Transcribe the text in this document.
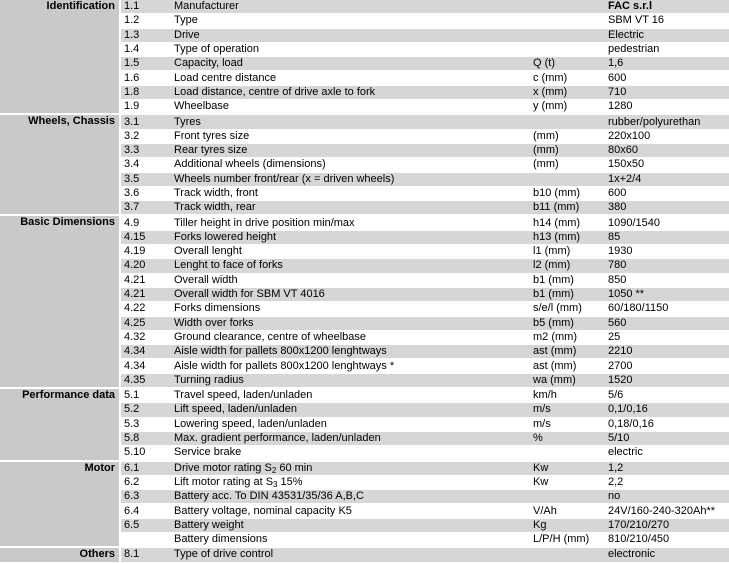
Identification	1.1	Manufacturer		FAC s.r.l
	1.2	Type		SBM VT 16
	1.3	Drive		Electric
	1.4	Type of operation		pedestrian
	1.5	Capacity, load	Q (t)	1,6
	1.6	Load centre distance	c (mm)	600
	1.8	Load distance, centre of drive axle to fork	x (mm)	710
	1.9	Wheelbase	y (mm)	1280
Wheels, Chassis	3.1	Tyres		rubber/polyurethan
	3.2	Front tyres size	(mm)	220x100
	3.3	Rear tyres size	(mm)	80x60
	3.4	Additional wheels (dimensions)	(mm)	150x50
	3.5	Wheels number front/rear (x = driven wheels)		1x+2/4
	3.6	Track width, front	b10 (mm)	600
	3.7	Track width, rear	b11 (mm)	380
Basic Dimensions	4.9	Tiller height in drive position min/max	h14 (mm)	1090/1540
	4.15	Forks lowered height	h13 (mm)	85
	4.19	Overall lenght	l1 (mm)	1930
	4.20	Lenght to face of forks	l2 (mm)	780
	4.21	Overall width	b1 (mm)	850
	4.21	Overall width for SBM VT 4016	b1 (mm)	1050 **
	4.22	Forks dimensions	s/e/l (mm)	60/180/1150
	4.25	Width over forks	b5 (mm)	560
	4.32	Ground clearance, centre of wheelbase	m2 (mm)	25
	4.34	Aisle width for pallets 800x1200 lenghtways	ast (mm)	2210
	4.34	Aisle width for pallets 800x1200 lenghtways *	ast (mm)	2700
	4.35	Turning radius	wa (mm)	1520
Performance data	5.1	Travel speed, laden/unladen	km/h	5/6
	5.2	Lift speed, laden/unladen	m/s	0,1/0,16
	5.3	Lowering speed, laden/unladen	m/s	0,18/0,16
	5.8	Max. gradient performance, laden/unladen	%	5/10
	5.10	Service brake		electric
Motor	6.1	Drive motor rating $S_2$ 60 min	Kw	1,2
	6.2	Lift motor rating at $S_3$ 15%	Kw	2,2
	6.3	Battery acc. To DIN 43531/35/36 A,B,C		no
	6.4	Battery voltage, nominal capacity K5	V/Ah	24V/160-240-320Ah**
	6.5	Battery weight	Kg	170/210/270
		Battery dimensions	L/P/H (mm)	810/210/450
Others	8.1	Type of drive control		electronic
